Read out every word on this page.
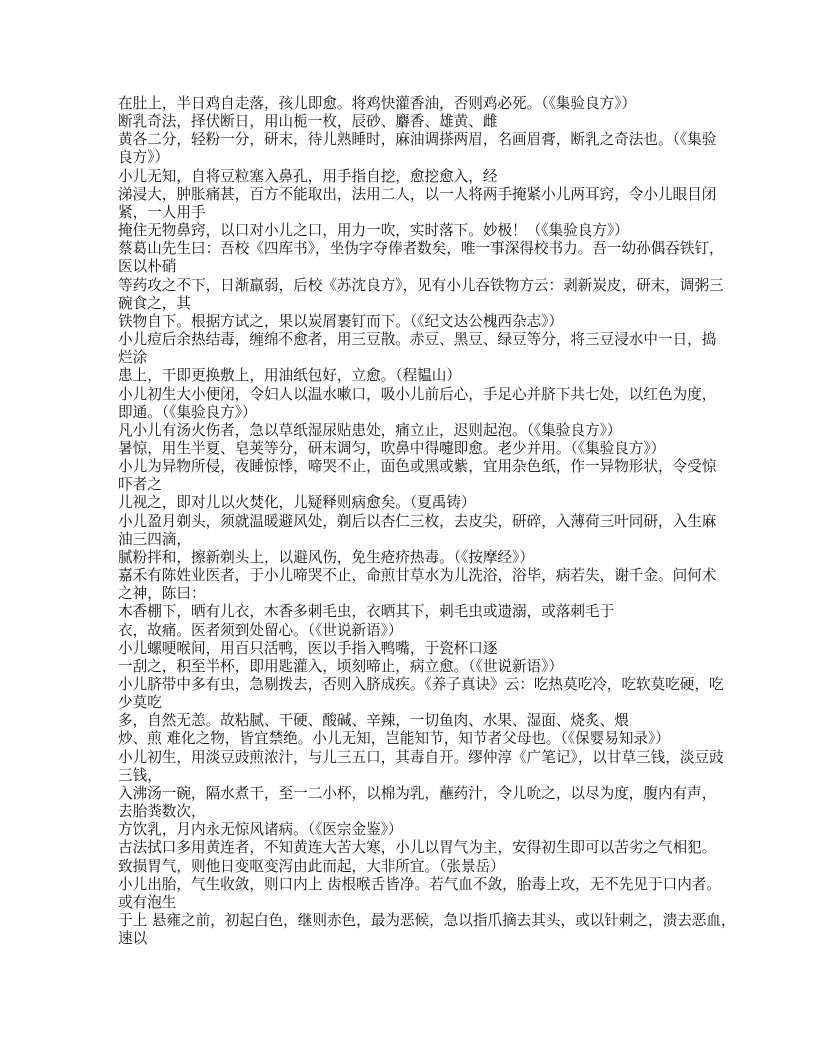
在肚上，半日鸡自走落，孩儿即愈。将鸡快灌香油，否则鸡必死。（《集验良方》）
断乳奇法，择伏断日，用山栀一枚，辰砂、麝香、雄黄、雌
黄各二分，轻粉一分，研末，待儿熟睡时，麻油调搽两眉，名画眉膏，断乳之奇法也。（《集验
良方》）
小儿无知，自将豆粒塞入鼻孔，用手指自挖，愈挖愈入，经
涕浸大，肿胀痛甚，百方不能取出，法用二人，以一人将两手掩紧小儿两耳窍，令小儿眼目闭
紧，一人用手
掩住无物鼻窍，以口对小儿之口，用力一吹，实时落下。妙极！（《集验良方》）
蔡葛山先生曰：吾校《四库书》，坐伪字夺俸者数矣，唯一事深得校书力。吾一幼孙偶吞铁钉，
医以朴硝
等药攻之不下，日渐羸弱，后校《苏沈良方》，见有小儿吞铁物方云：剥新炭皮，研末，调粥三
碗食之，其
铁物自下。根据方试之，果以炭屑裹钉而下。（《纪文达公槐西杂志》）
小儿痘后余热结毒，缠绵不愈者，用三豆散。赤豆、黑豆、绿豆等分，将三豆浸水中一日，捣
烂涂
患上，干即更换敷上，用油纸包好，立愈。（程韫山）
小儿初生大小便闭，令妇人以温水嗽口，吸小儿前后心，手足心并脐下共七处，以红色为度，
即通。（《集验良方》）
凡小儿有汤火伤者，急以草纸湿尿贴患处，痛立止，迟则起泡。（《集验良方》）
暑惊，用生半夏、皂荚等分，研末调匀，吹鼻中得嚏即愈。老少并用。（《集验良方》）
小儿为异物所侵，夜睡惊悸，啼哭不止，面色或黑或紫，宜用杂色纸，作一异物形状，令受惊
吓者之
儿视之，即对儿以火焚化，儿疑释则病愈矣。（夏禹铸）
小儿盈月剃头，须就温暖避风处，剃后以杏仁三枚，去皮尖，研碎，入薄荷三叶同研，入生麻
油三四滴，
腻粉拌和，擦新剃头上，以避风伤，免生疮疥热毒。（《按摩经》）
嘉禾有陈姓业医者，于小儿啼哭不止，命煎甘草水为儿洗浴，浴毕，病若失，谢千金。问何术
之神，陈曰：
木香棚下，晒有儿衣，木香多刺毛虫，衣晒其下，刺毛虫或遗溺，或落刺毛于
衣，故痛。医者须到处留心。（《世说新语》）
小儿螺哽喉间，用百只活鸭，医以手指入鸭嘴，于瓷杯口逐
一刮之，积至半杯，即用匙灌入，顷刻啼止，病立愈。（《世说新语》）
小儿脐带中多有虫，急剔拨去，否则入脐成疾。《养子真诀》云：吃热莫吃冷，吃软莫吃硬，吃
少莫吃
多，自然无恙。故粘腻、干硬、酸碱、辛辣，一切鱼肉、水果、湿面、烧炙、煨
炒、煎 难化之物，皆宜禁绝。小儿无知，岂能知节，知节者父母也。（《保婴易知录》）
小儿初生，用淡豆豉煎浓汁，与儿三五口，其毒自开。缪仲淳《广笔记》，以甘草三钱，淡豆豉
三钱，
入沸汤一碗，隔水煮干，至一二小杯，以棉为乳，蘸药汁，令儿吮之，以尽为度，腹内有声，
去胎粪数次，
方饮乳，月内永无惊风诸病。（《医宗金鉴》）
古法拭口多用黄连者，不知黄连大苦大寒，小儿以胃气为主，安得初生即可以苦劣之气相犯。
致损胃气，则他日变呕变泻由此而起，大非所宜。（张景岳）
小儿出胎，气生收敛，则口内上 齿根喉舌皆净。若气血不敛，胎毒上攻，无不先见于口内者。
或有泡生
于上 悬雍之前，初起白色，继则赤色，最为恶候，急以指爪摘去其头，或以针刺之，溃去恶血，
速以
